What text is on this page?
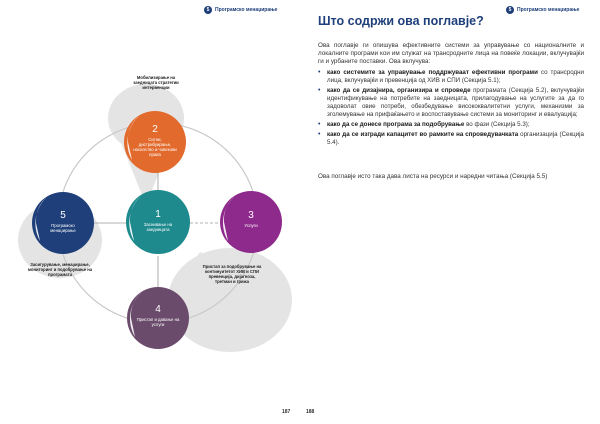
5	Програмско менаџирање
2
Ситни, дистрибуирање, насилство и човекови права
5
Програмско менаџирање
1
Заснивање на заедницата
3
Услуги
4
Пристап и давање на услуги
Мобилизирање на заедницата стратегии интервенции
Засигурување, менаџирање, мониторинг и подобрување на програмата
Пристап за подобрување на континуитетот ХИВ и СПИ превенција, дијагноза, третман и грижа
187
5	Програмско менаџирање
Што содржи ова поглавје?

Ова поглавје ги опишува ефективните системи за управување со националните и локалните програми кои им служат на трансродните лица на повеќе локации, вклучувајќи ги и урбаните поставки. Ова вклучува:

• како системите за управување поддржуваат ефективни програми со трансродни лица, вклучувајќи и превенција од ХИВ и СПИ (Секција 5.1);
• како да се дизајнира, организира и спроведе програмата (Секција 5.2), вклучувајќи идентификување на потребите на заедницата, прилагодување на услугите за да го задоволат овие потреби, обезбедување висококвалитетни услуги, механизми за зголемување на прифаќањето и воспоставување системи за мониторинг и евалуација;
• како да се донесе програма за подобрување во фази (Секција 5.3);
• како да се изгради капацитет во рамките на спроведувачката организација (Секција 5.4).

Ова поглавје исто така дава листа на ресурси и наредни читања (Секција 5.5)

188
